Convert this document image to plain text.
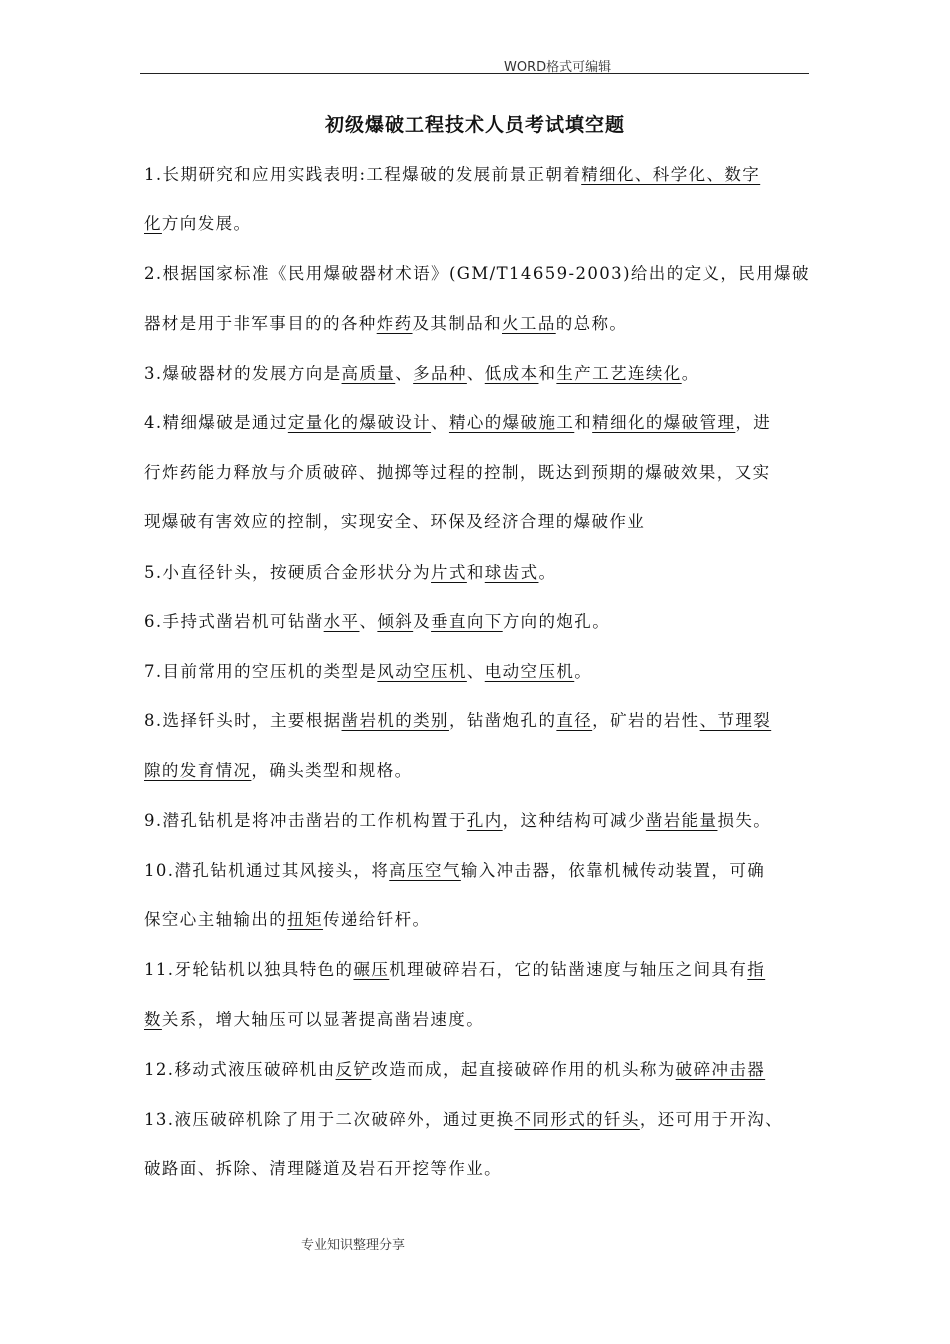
WORD格式可编辑
初级爆破工程技术人员考试填空题
1.长期研究和应用实践表明:工程爆破的发展前景正朝着精细化、科学化、数字
化方向发展。
2.根据国家标准《民用爆破器材术语》(GM/T14659-2003)给出的定义，民用爆破
器材是用于非军事目的的各种炸药及其制品和火工品的总称。
3.爆破器材的发展方向是高质量、多品种、低成本和生产工艺连续化。
4.精细爆破是通过定量化的爆破设计、精心的爆破施工和精细化的爆破管理，进
行炸药能力释放与介质破碎、抛掷等过程的控制，既达到预期的爆破效果，又实
现爆破有害效应的控制，实现安全、环保及经济合理的爆破作业
5.小直径针头，按硬质合金形状分为片式和球齿式。
6.手持式凿岩机可钻凿水平、倾斜及垂直向下方向的炮孔。
7.目前常用的空压机的类型是风动空压机、电动空压机。
8.选择钎头时，主要根据凿岩机的类别，钻凿炮孔的直径，矿岩的岩性、节理裂
隙的发育情况，确头类型和规格。
9.潜孔钻机是将冲击凿岩的工作机构置于孔内，这种结构可减少凿岩能量损失。
10.潜孔钻机通过其风接头，将高压空气输入冲击器，依靠机械传动装置，可确
保空心主轴输出的扭矩传递给钎杆。
11.牙轮钻机以独具特色的碾压机理破碎岩石，它的钻凿速度与轴压之间具有指
数关系，增大轴压可以显著提高凿岩速度。
12.移动式液压破碎机由反铲改造而成，起直接破碎作用的机头称为破碎冲击器
13.液压破碎机除了用于二次破碎外，通过更换不同形式的钎头，还可用于开沟、
破路面、拆除、清理隧道及岩石开挖等作业。
专业知识整理分享
